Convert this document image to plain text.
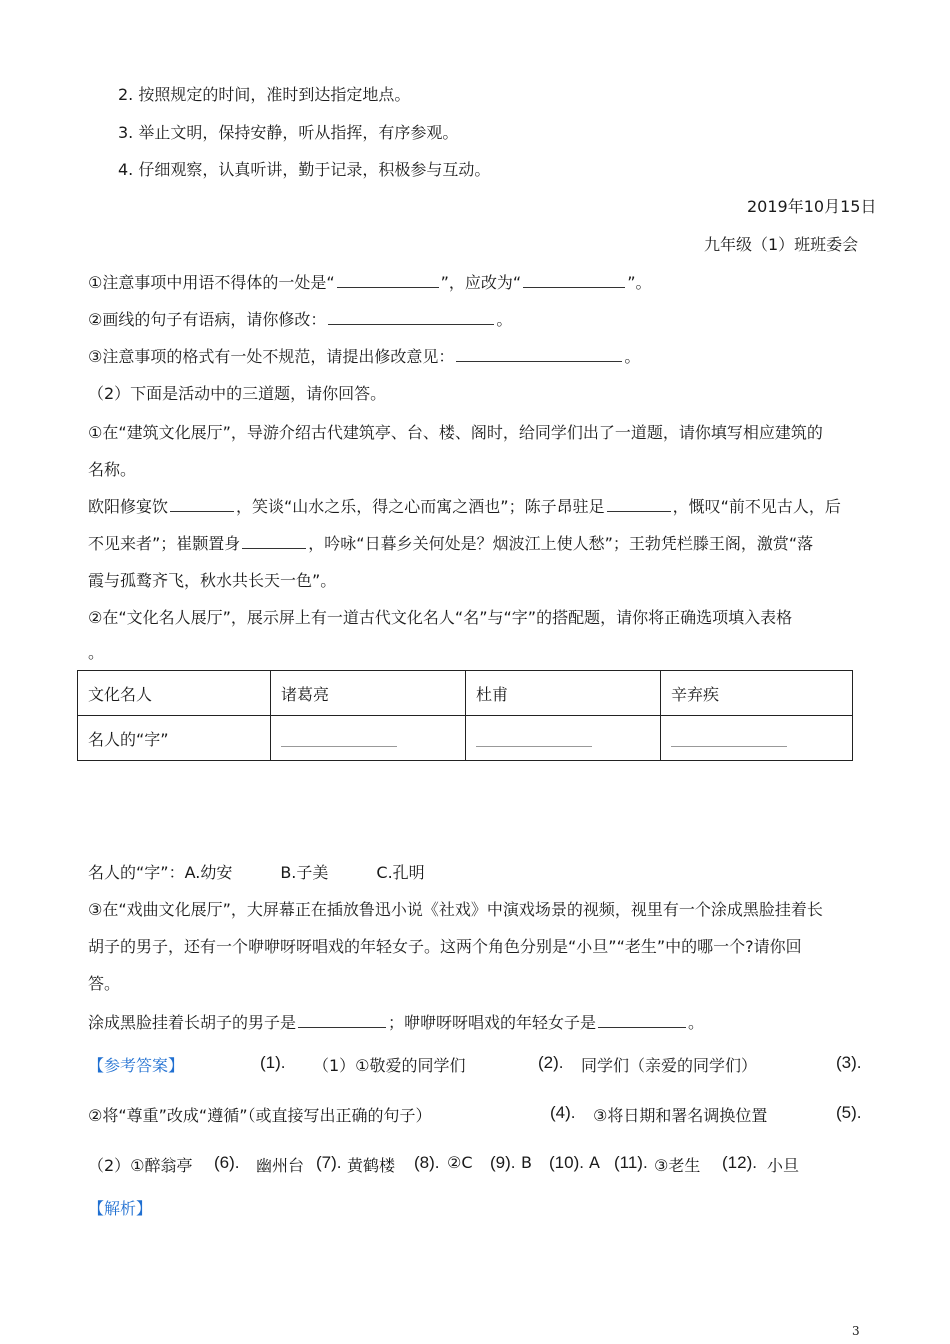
2. 按照规定的时间，准时到达指定地点。
3. 举止文明，保持安静，听从指挥，有序参观。
4. 仔细观察，认真听讲，勤于记录，积极参与互动。
2019年10月15日
九年级（1）班班委会
①注意事项中用语不得体的一处是“	”，应改为“	”。
②画线的句子有语病，请你修改：	。
③注意事项的格式有一处不规范，请提出修改意见：	。
（2）下面是活动中的三道题，请你回答。
①在“建筑文化展厅”，导游介绍古代建筑亭、台、楼、阁时，给同学们出了一道题，请你填写相应建筑的
名称。
欧阳修宴饮	，笑谈“山水之乐，得之心而寓之酒也”；陈子昂驻足	，慨叹“前不见古人，后
不见来者”；崔颢置身	，吟咏“日暮乡关何处是？烟波江上使人愁”；王勃凭栏滕王阁，激赏“落
霞与孤鹜齐飞，秋水共长天一色”。
②在“文化名人展厅”，展示屏上有一道古代文化名人“名”与“字”的搭配题，请你将正确选项填入表格
。
文化名人	诸葛亮	杜甫	辛弃疾
名人的“字”			
名人的“字”：A.幼安　　　B.子美　　　C.孔明
③在“戏曲文化展厅”，大屏幕正在插放鲁迅小说《社戏》中演戏场景的视频，视里有一个涂成黑脸挂着长
胡子的男子，还有一个咿咿呀呀唱戏的年轻女子。这两个角色分别是“小旦”“老生”中的哪一个?请你回
答。
涂成黑脸挂着长胡子的男子是	；咿咿呀呀唱戏的年轻女子是	。
【参考答案】	(1). （1）①敬爱的同学们	(2). 同学们（亲爱的同学们）	(3).
②将“尊重”改成“遵循”（或直接写出正确的句子）	(4). ③将日期和署名调换位置	(5).
（2）①醉翁亭 (6). 幽州台 (7). 黄鹤楼 (8). ②C (9). B (10). A (11). ③老生 (12). 小旦
【解析】
3
